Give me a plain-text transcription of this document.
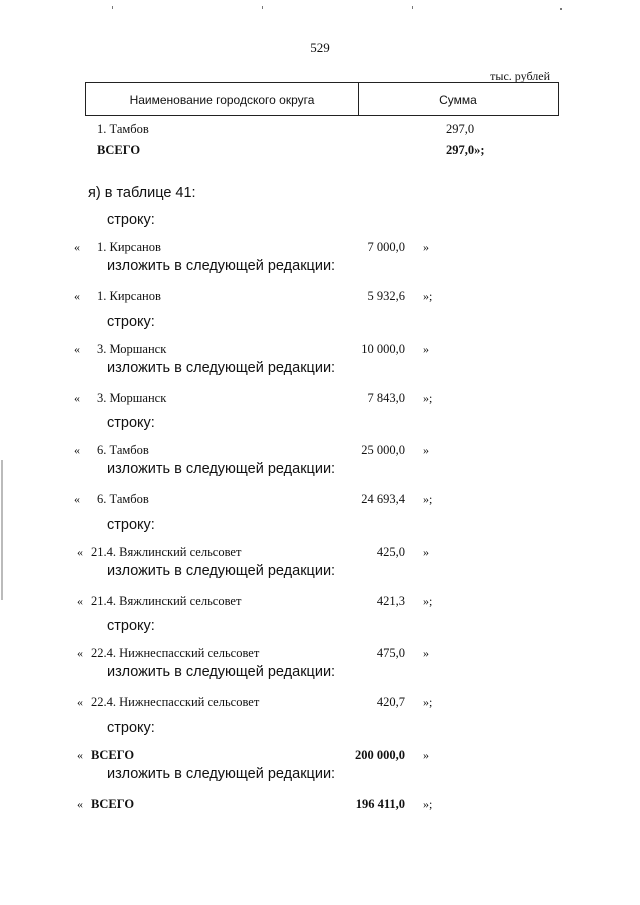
529
тыс. рублей
Наименование городского округа	Сумма
1. Тамбов	297,0
ВСЕГО	297,0»;
я) в таблице 41:
строку:
« 1. Кирсанов	7 000,0 »
изложить в следующей редакции:
« 1. Кирсанов	5 932,6 »;
строку:
« 3. Моршанск	10 000,0 »
изложить в следующей редакции:
« 3. Моршанск	7 843,0 »;
строку:
« 6. Тамбов	25 000,0 »
изложить в следующей редакции:
« 6. Тамбов	24 693,4 »;
строку:
« 21.4. Вяжлинский сельсовет	425,0 »
изложить в следующей редакции:
« 21.4. Вяжлинский сельсовет	421,3 »;
строку:
« 22.4. Нижнеспасский сельсовет	475,0 »
изложить в следующей редакции:
« 22.4. Нижнеспасский сельсовет	420,7 »;
строку:
« ВСЕГО	200 000,0 »
изложить в следующей редакции:
« ВСЕГО	196 411,0 »;
